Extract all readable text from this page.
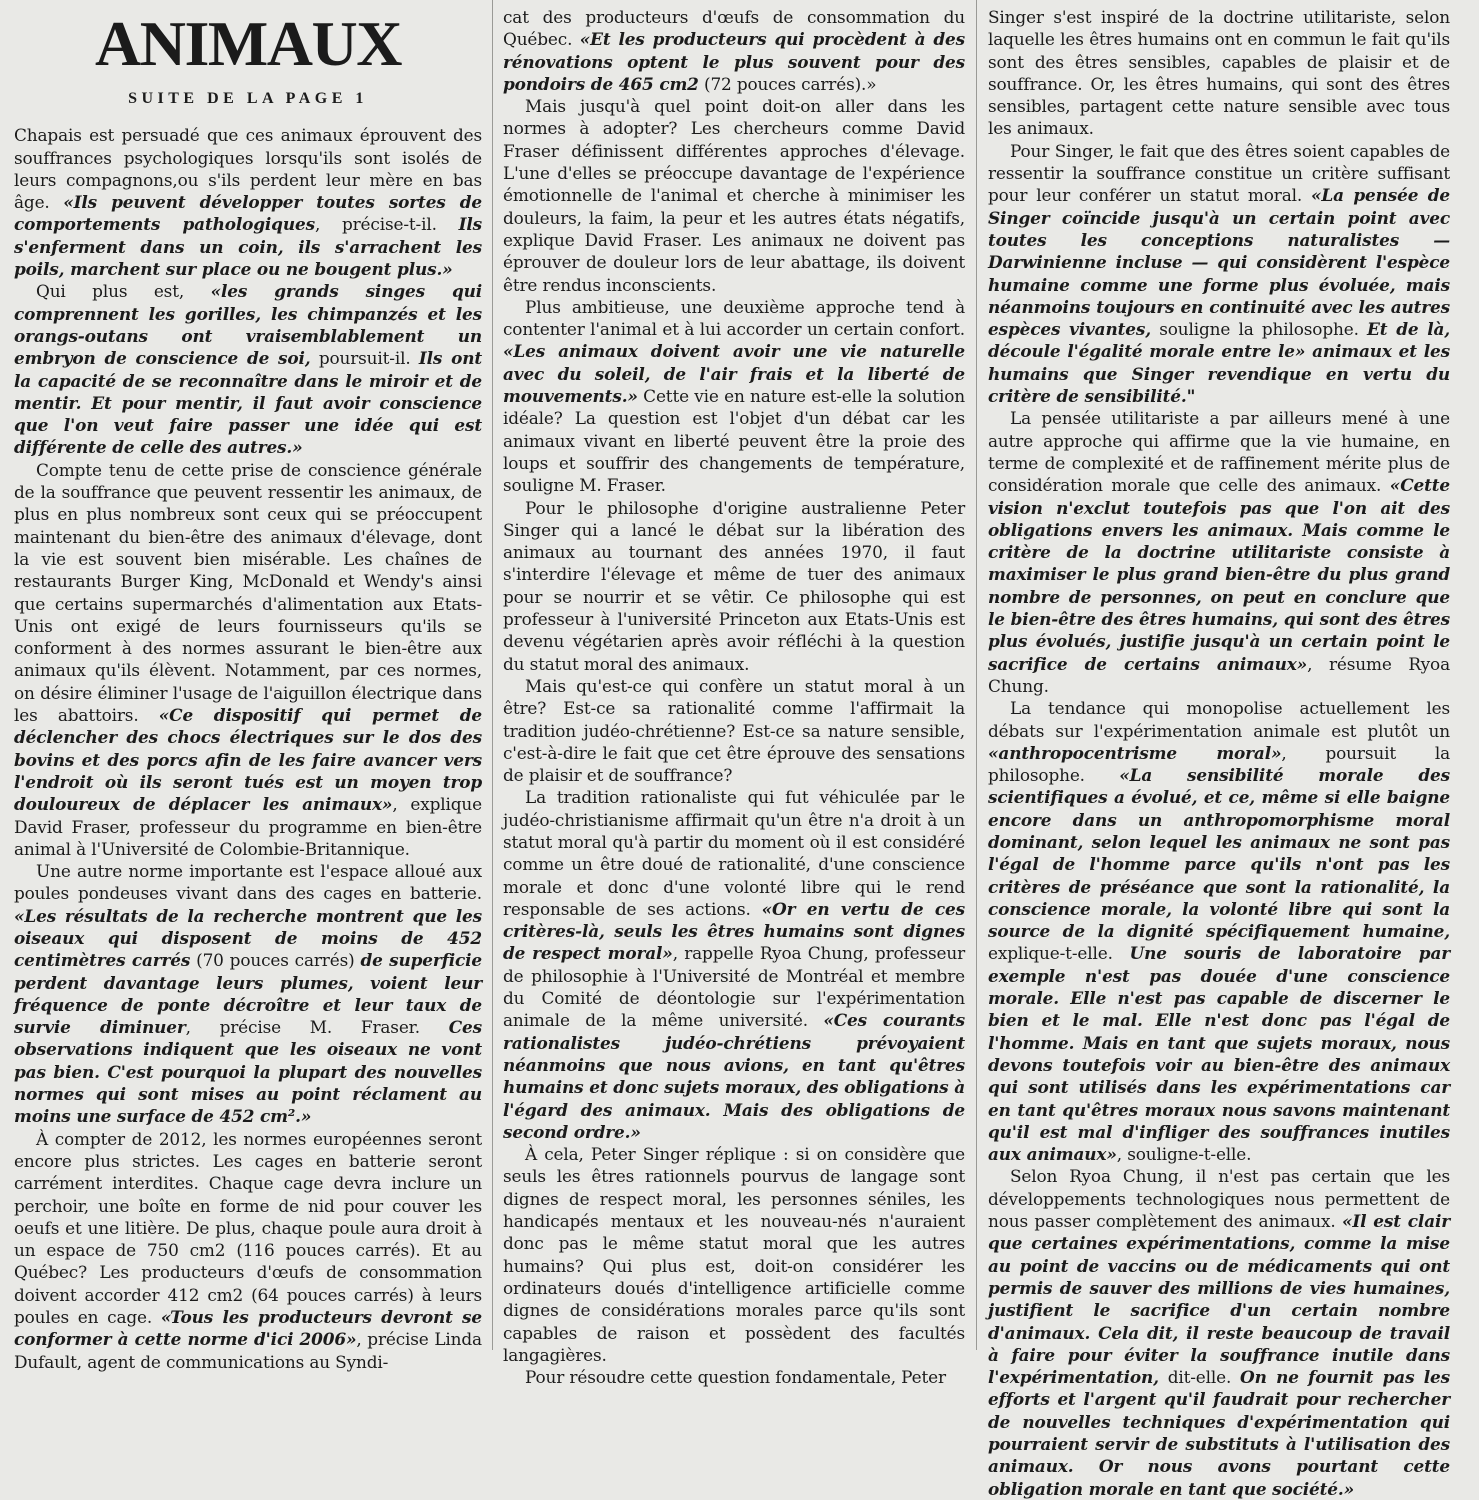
ANIMAUX
SUITE DE LA PAGE 1

Chapais est persuadé que ces animaux éprouvent des souffrances psychologiques lorsqu'ils sont isolés de leurs compagnons,ou s'ils perdent leur mère en bas âge. «Ils peuvent développer toutes sortes de comportements pathologiques, précise-t-il. Ils s'enferment dans un coin, ils s'arrachent les poils, marchent sur place ou ne bougent plus.»

Qui plus est, «les grands singes qui comprennent les gorilles, les chimpanzés et les orangs-outans ont vraisemblablement un embryon de conscience de soi, poursuit-il. Ils ont la capacité de se reconnaître dans le miroir et de mentir. Et pour mentir, il faut avoir conscience que l'on veut faire passer une idée qui est différente de celle des autres.»

Compte tenu de cette prise de conscience générale de la souffrance que peuvent ressentir les animaux, de plus en plus nombreux sont ceux qui se préoccupent maintenant du bien-être des animaux d'élevage, dont la vie est souvent bien misérable. Les chaînes de restaurants Burger King, McDonald et Wendy's ainsi que certains supermarchés d'alimentation aux Etats-Unis ont exigé de leurs fournisseurs qu'ils se conforment à des normes assurant le bien-être aux animaux qu'ils élèvent. Notamment, par ces normes, on désire éliminer l'usage de l'aiguillon électrique dans les abattoirs. «Ce dispositif qui permet de déclencher des chocs électriques sur le dos des bovins et des porcs afin de les faire avancer vers l'endroit où ils seront tués est un moyen trop douloureux de déplacer les animaux», explique David Fraser, professeur du programme en bien-être animal à l'Université de Colombie-Britannique.

Une autre norme importante est l'espace alloué aux poules pondeuses vivant dans des cages en batterie. «Les résultats de la recherche montrent que les oiseaux qui disposent de moins de 452 centimètres carrés (70 pouces carrés) de superficie perdent davantage leurs plumes, voient leur fréquence de ponte décroître et leur taux de survie diminuer, précise M. Fraser. Ces observations indiquent que les oiseaux ne vont pas bien. C'est pourquoi la plupart des nouvelles normes qui sont mises au point réclament au moins une surface de 452 cm².»

À compter de 2012, les normes européennes seront encore plus strictes. Les cages en batterie seront carrément interdites. Chaque cage devra inclure un perchoir, une boîte en forme de nid pour couver les oeufs et une litière. De plus, chaque poule aura droit à un espace de 750 cm2 (116 pouces carrés). Et au Québec? Les producteurs d'œufs de consommation doivent accorder 412 cm2 (64 pouces carrés) à leurs poules en cage. «Tous les producteurs devront se conformer à cette norme d'ici 2006», précise Linda Dufault, agent de communications au Syndi-

cat des producteurs d'œufs de consommation du Québec. «Et les producteurs qui procèdent à des rénovations optent le plus souvent pour des pondoirs de 465 cm2 (72 pouces carrés).»

Mais jusqu'à quel point doit-on aller dans les normes à adopter? Les chercheurs comme David Fraser définissent différentes approches d'élevage. L'une d'elles se préoccupe davantage de l'expérience émotionnelle de l'animal et cherche à minimiser les douleurs, la faim, la peur et les autres états négatifs, explique David Fraser. Les animaux ne doivent pas éprouver de douleur lors de leur abattage, ils doivent être rendus inconscients.

Plus ambitieuse, une deuxième approche tend à contenter l'animal et à lui accorder un certain confort. «Les animaux doivent avoir une vie naturelle avec du soleil, de l'air frais et la liberté de mouvements.» Cette vie en nature est-elle la solution idéale? La question est l'objet d'un débat car les animaux vivant en liberté peuvent être la proie des loups et souffrir des changements de température, souligne M. Fraser.

Pour le philosophe d'origine australienne Peter Singer qui a lancé le débat sur la libération des animaux au tournant des années 1970, il faut s'interdire l'élevage et même de tuer des animaux pour se nourrir et se vêtir. Ce philosophe qui est professeur à l'université Princeton aux Etats-Unis est devenu végétarien après avoir réfléchi à la question du statut moral des animaux.

Mais qu'est-ce qui confère un statut moral à un être? Est-ce sa rationalité comme l'affirmait la tradition judéo-chrétienne? Est-ce sa nature sensible, c'est-à-dire le fait que cet être éprouve des sensations de plaisir et de souffrance?

La tradition rationaliste qui fut véhiculée par le judéo-christianisme affirmait qu'un être n'a droit à un statut moral qu'à partir du moment où il est considéré comme un être doué de rationalité, d'une conscience morale et donc d'une volonté libre qui le rend responsable de ses actions. «Or en vertu de ces critères-là, seuls les êtres humains sont dignes de respect moral», rappelle Ryoa Chung, professeur de philosophie à l'Université de Montréal et membre du Comité de déontologie sur l'expérimentation animale de la même université. «Ces courants rationalistes judéo-chrétiens prévoyaient néanmoins que nous avions, en tant qu'êtres humains et donc sujets moraux, des obligations à l'égard des animaux. Mais des obligations de second ordre.»

À cela, Peter Singer réplique : si on considère que seuls les êtres rationnels pourvus de langage sont dignes de respect moral, les personnes séniles, les handicapés mentaux et les nouveau-nés n'auraient donc pas le même statut moral que les autres humains? Qui plus est, doit-on considérer les ordinateurs doués d'intelligence artificielle comme dignes de considérations morales parce qu'ils sont capables de raison et possèdent des facultés langagières.

Pour résoudre cette question fondamentale, Peter

Singer s'est inspiré de la doctrine utilitariste, selon laquelle les êtres humains ont en commun le fait qu'ils sont des êtres sensibles, capables de plaisir et de souffrance. Or, les êtres humains, qui sont des êtres sensibles, partagent cette nature sensible avec tous les animaux.

Pour Singer, le fait que des êtres soient capables de ressentir la souffrance constitue un critère suffisant pour leur conférer un statut moral. «La pensée de Singer coïncide jusqu'à un certain point avec toutes les conceptions naturalistes — Darwinienne incluse — qui considèrent l'espèce humaine comme une forme plus évoluée, mais néanmoins toujours en continuité avec les autres espèces vivantes, souligne la philosophe. Et de là, découle l'égalité morale entre le» animaux et les humains que Singer revendique en vertu du critère de sensibilité."

La pensée utilitariste a par ailleurs mené à une autre approche qui affirme que la vie humaine, en terme de complexité et de raffinement mérite plus de considération morale que celle des animaux. «Cette vision n'exclut toutefois pas que l'on ait des obligations envers les animaux. Mais comme le critère de la doctrine utilitariste consiste à maximiser le plus grand bien-être du plus grand nombre de personnes, on peut en conclure que le bien-être des êtres humains, qui sont des êtres plus évolués, justifie jusqu'à un certain point le sacrifice de certains animaux», résume Ryoa Chung.

La tendance qui monopolise actuellement les débats sur l'expérimentation animale est plutôt un «anthropocentrisme moral», poursuit la philosophe. «La sensibilité morale des scientifiques a évolué, et ce, même si elle baigne encore dans un anthropomorphisme moral dominant, selon lequel les animaux ne sont pas l'égal de l'homme parce qu'ils n'ont pas les critères de préséance que sont la rationalité, la conscience morale, la volonté libre qui sont la source de la dignité spécifiquement humaine, explique-t-elle. Une souris de laboratoire par exemple n'est pas douée d'une conscience morale. Elle n'est pas capable de discerner le bien et le mal. Elle n'est donc pas l'égal de l'homme. Mais en tant que sujets moraux, nous devons toutefois voir au bien-être des animaux qui sont utilisés dans les expérimentations car en tant qu'êtres moraux nous savons maintenant qu'il est mal d'infliger des souffrances inutiles aux animaux», souligne-t-elle.

Selon Ryoa Chung, il n'est pas certain que les développements technologiques nous permettent de nous passer complètement des animaux. «Il est clair que certaines expérimentations, comme la mise au point de vaccins ou de médicaments qui ont permis de sauver des millions de vies humaines, justifient le sacrifice d'un certain nombre d'animaux. Cela dit, il reste beaucoup de travail à faire pour éviter la souffrance inutile dans l'expérimentation, dit-elle. On ne fournit pas les efforts et l'argent qu'il faudrait pour rechercher de nouvelles techniques d'expérimentation qui pourraient servir de substituts à l'utilisation des animaux. Or nous avons pourtant cette obligation morale en tant que société.»
